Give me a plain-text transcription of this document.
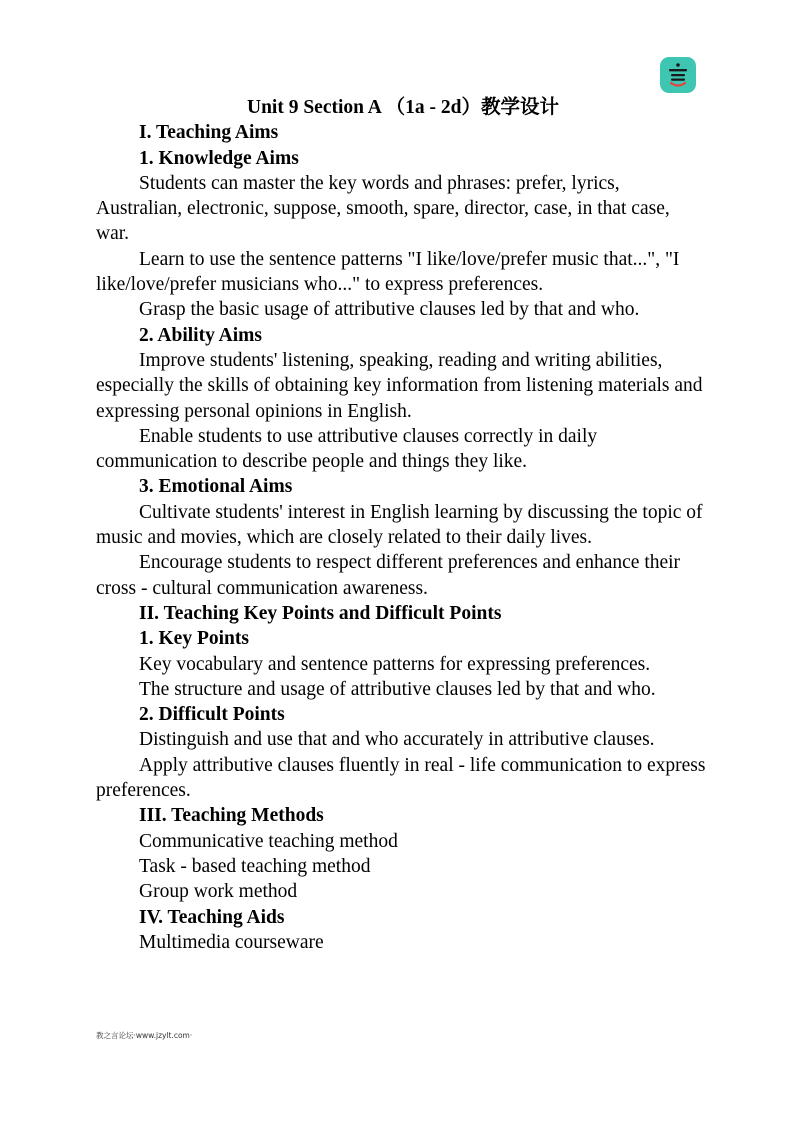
Unit 9 Section A （1a - 2d）教学设计

I. Teaching Aims

1. Knowledge Aims

Students can master the key words and phrases: prefer, lyrics, Australian, electronic, suppose, smooth, spare, director, case, in that case, war.

Learn to use the sentence patterns "I like/love/prefer music that...", "I like/love/prefer musicians who..." to express preferences.

Grasp the basic usage of attributive clauses led by that and who.

2. Ability Aims

Improve students' listening, speaking, reading and writing abilities, especially the skills of obtaining key information from listening materials and expressing personal opinions in English.

Enable students to use attributive clauses correctly in daily communication to describe people and things they like.

3. Emotional Aims

Cultivate students' interest in English learning by discussing the topic of music and movies, which are closely related to their daily lives.

Encourage students to respect different preferences and enhance their cross - cultural communication awareness.

II. Teaching Key Points and Difficult Points

1. Key Points

Key vocabulary and sentence patterns for expressing preferences.

The structure and usage of attributive clauses led by that and who.

2. Difficult Points

Distinguish and use that and who accurately in attributive clauses.

Apply attributive clauses fluently in real - life communication to express preferences.

III. Teaching Methods

Communicative teaching method

Task - based teaching method

Group work method

IV. Teaching Aids

Multimedia courseware

教之言论坛·www.jzylt.com·
